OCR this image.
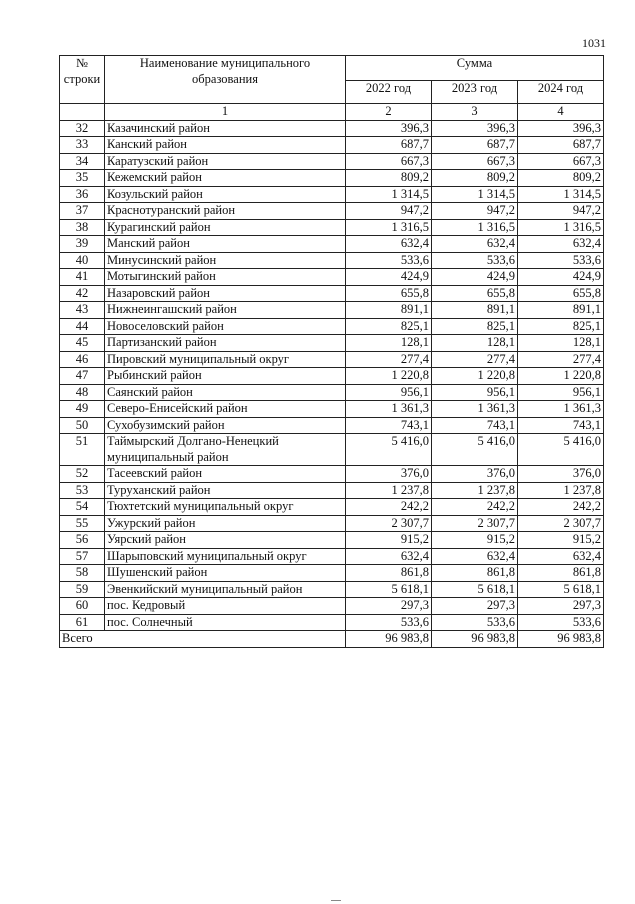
1031
№ строки	Наименование муниципального образования	Сумма		
		2022 год	2023 год	2024 год
	1	2	3	4
32	Казачинский район	396,3	396,3	396,3
33	Канский район	687,7	687,7	687,7
34	Каратузский район	667,3	667,3	667,3
35	Кежемский район	809,2	809,2	809,2
36	Козульский район	1 314,5	1 314,5	1 314,5
37	Краснотуранский район	947,2	947,2	947,2
38	Курагинский район	1 316,5	1 316,5	1 316,5
39	Манский район	632,4	632,4	632,4
40	Минусинский район	533,6	533,6	533,6
41	Мотыгинский район	424,9	424,9	424,9
42	Назаровский район	655,8	655,8	655,8
43	Нижнеингашский район	891,1	891,1	891,1
44	Новоселовский район	825,1	825,1	825,1
45	Партизанский район	128,1	128,1	128,1
46	Пировский муниципальный округ	277,4	277,4	277,4
47	Рыбинский район	1 220,8	1 220,8	1 220,8
48	Саянский район	956,1	956,1	956,1
49	Северо-Енисейский район	1 361,3	1 361,3	1 361,3
50	Сухобузимский район	743,1	743,1	743,1
51	Таймырский Долгано-Ненецкий муниципальный район	5 416,0	5 416,0	5 416,0
52	Тасеевский район	376,0	376,0	376,0
53	Туруханский район	1 237,8	1 237,8	1 237,8
54	Тюхтетский муниципальный округ	242,2	242,2	242,2
55	Ужурский район	2 307,7	2 307,7	2 307,7
56	Уярский район	915,2	915,2	915,2
57	Шарыповский муниципальный округ	632,4	632,4	632,4
58	Шушенский район	861,8	861,8	861,8
59	Эвенкийский муниципальный район	5 618,1	5 618,1	5 618,1
60	пос. Кедровый	297,3	297,3	297,3
61	пос. Солнечный	533,6	533,6	533,6
Всего		96 983,8	96 983,8	96 983,8
